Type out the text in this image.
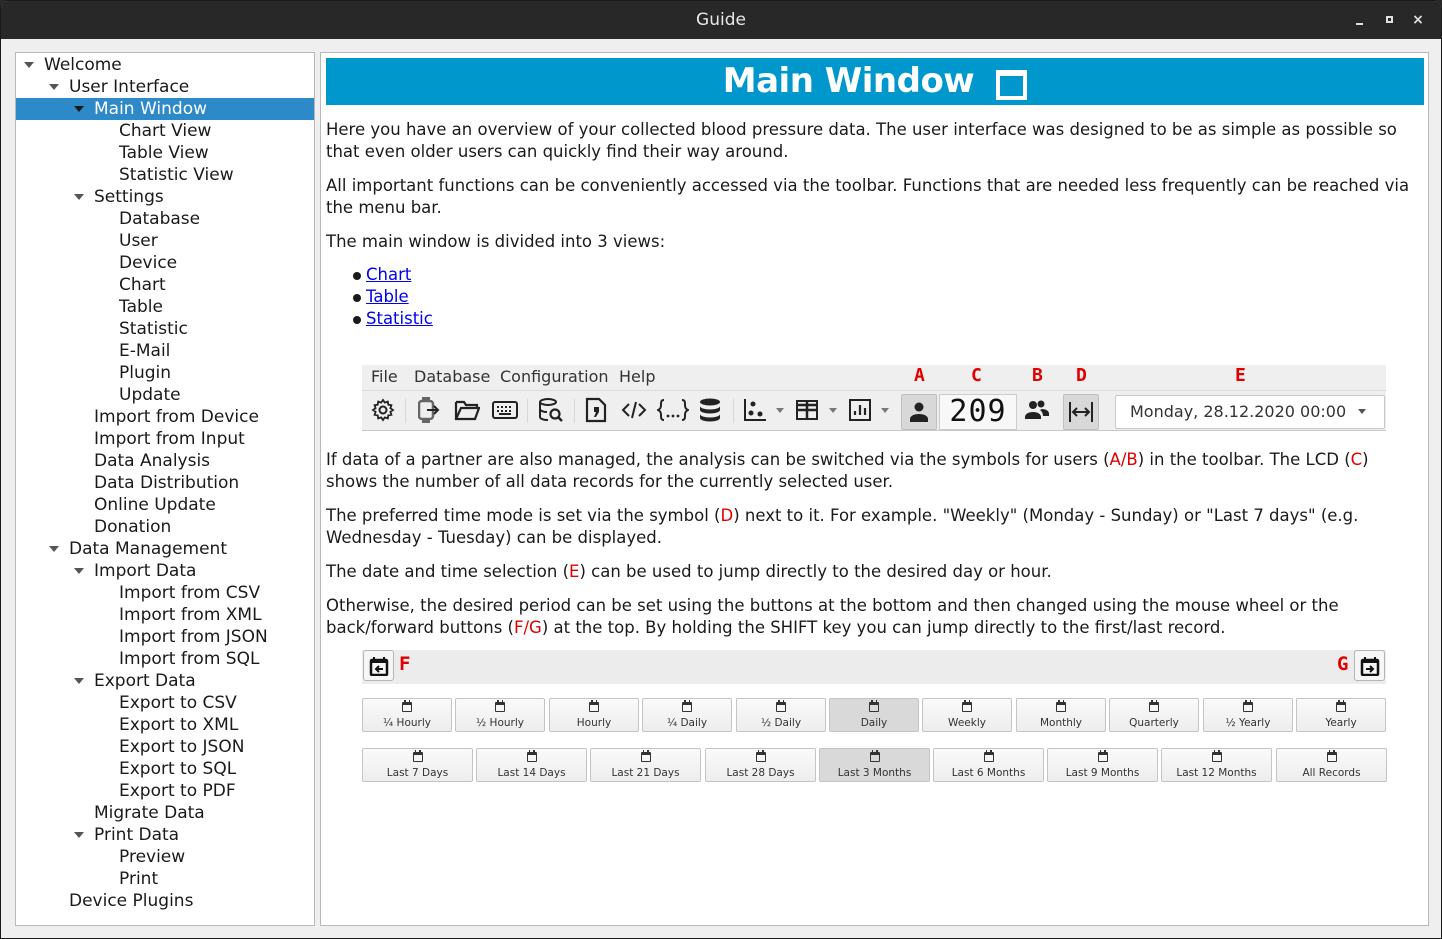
Guide	×
Welcome
User Interface
Main Window
Chart View
Table View
Statistic View
Settings
Database
User
Device
Chart
Table
Statistic
E-Mail
Plugin
Update
Import from Device
Import from Input
Data Analysis
Data Distribution
Online Update
Donation
Data Management
Import Data
Import from CSV
Import from XML
Import from JSON
Import from SQL
Export Data
Export to CSV
Export to XML
Export to JSON
Export to SQL
Export to PDF
Migrate Data
Print Data
Preview
Print
Device Plugins
Main Window
Here you have an overview of your collected blood pressure data. The user interface was designed to be as simple as possible so that even older users can quickly find their way around.
All important functions can be conveniently accessed via the toolbar. Functions that are needed less frequently can be reached via the menu bar.
The main window is divided into 3 views:
Chart
Table
Statistic
File Database Configuration Help	A	C	B D	E
209	Monday, 28.12.2020 00:00
If data of a partner are also managed, the analysis can be switched via the symbols for users (A/B) in the toolbar. The LCD (C) shows the number of all data records for the currently selected user.
The preferred time mode is set via the symbol (D) next to it. For example. "Weekly" (Monday - Sunday) or "Last 7 days" (e.g. Wednesday - Tuesday) can be displayed.
The date and time selection (E) can be used to jump directly to the desired day or hour.
Otherwise, the desired period can be set using the buttons at the bottom and then changed using the mouse wheel or the back/forward buttons (F/G) at the top. By holding the SHIFT key you can jump directly to the first/last record.
F	G
¼ Hourly	½ Hourly	Hourly	¼ Daily	½ Daily	Daily	Weekly	Monthly	Quarterly	½ Yearly	Yearly
Last 7 Days	Last 14 Days	Last 21 Days	Last 28 Days	Last 3 Months	Last 6 Months	Last 9 Months	Last 12 Months	All Records
